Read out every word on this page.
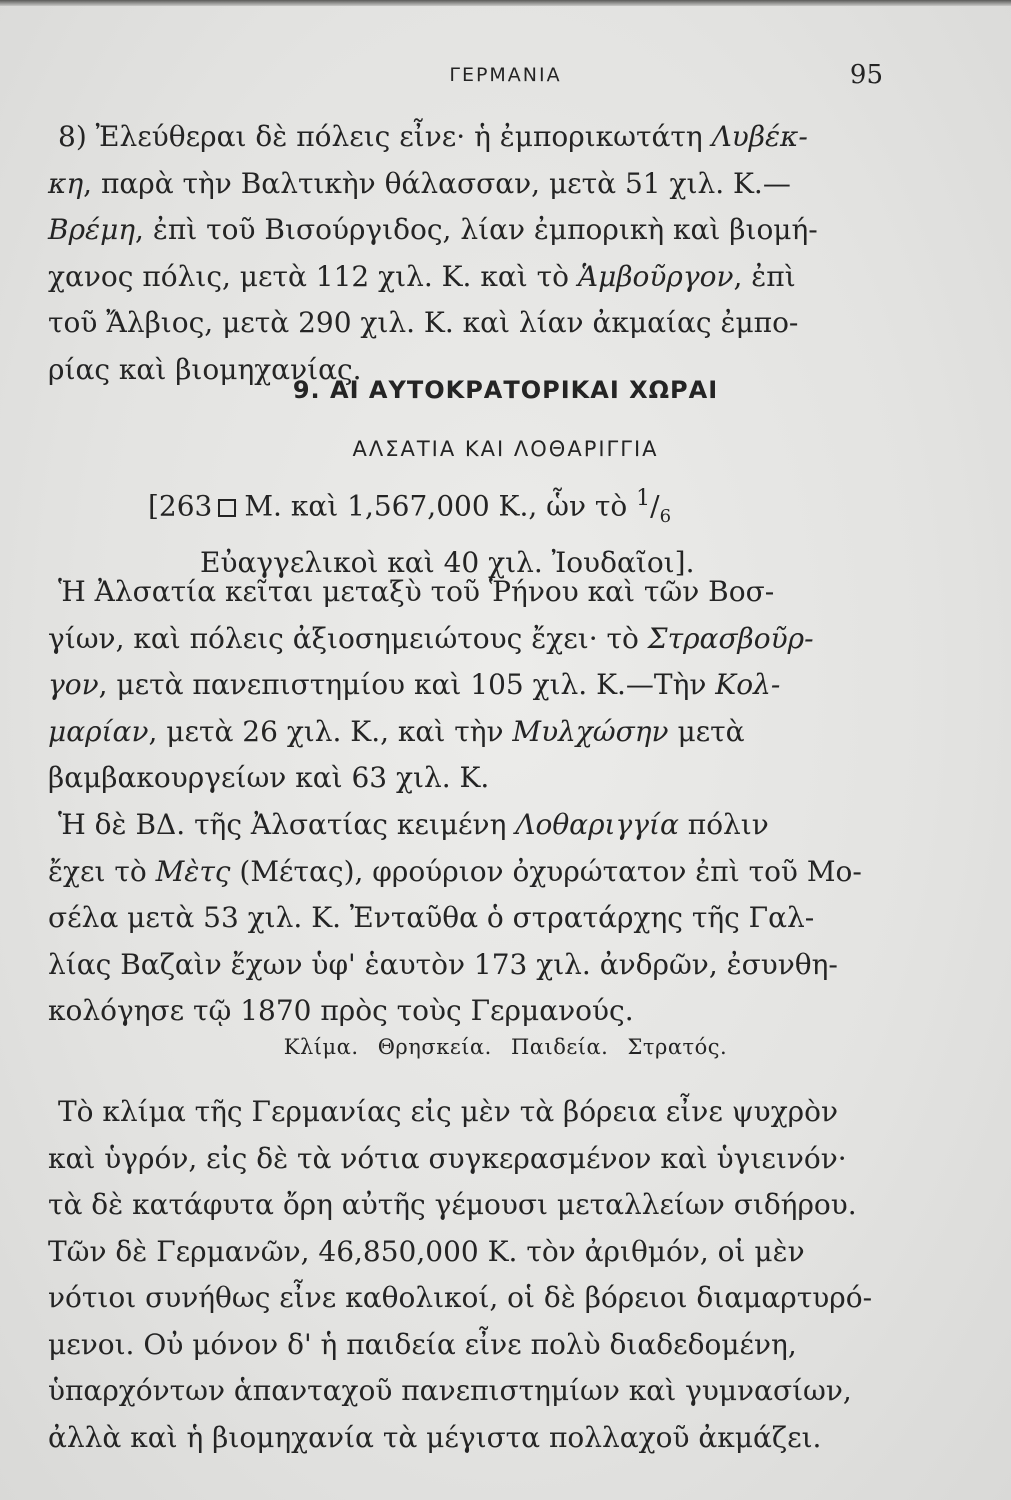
ΓΕΡΜΑΝΙΑ	95

8) Ἐλεύθεραι δὲ πόλεις εἶνε· ἡ ἐμπορικωτάτη Λυβέκ-

κη, παρὰ τὴν Βαλτικὴν θάλασσαν, μετὰ 51 χιλ. Κ.—

Βρέμη, ἐπὶ τοῦ Βισούργιδος, λίαν ἐμπορικὴ καὶ βιομή-

χανος πόλις, μετὰ 112 χιλ. Κ. καὶ τὸ Ἁμβοῦργον, ἐπὶ

τοῦ Ἄλβιος, μετὰ 290 χιλ. Κ. καὶ λίαν ἀκμαίας ἐμπο-

ρίας καὶ βιομηχανίας.

9. ΑΙ ΑΥΤΟΚΡΑΤΟΡΙΚΑΙ ΧΩΡΑΙ
ΑΛΣΑΤΙΑ ΚΑΙ ΛΟΘΑΡΙΓΓΙΑ

[263 Μ. καὶ 1,567,000 Κ., ὧν τὸ $^1/_6$

Εὐαγγελικοὶ καὶ 40 χιλ. Ἰουδαῖοι].

Ἡ Ἀλσατία κεῖται μεταξὺ τοῦ Ῥήνου καὶ τῶν Βοσ-

γίων, καὶ πόλεις ἀξιοσημειώτους ἔχει· τὸ Στρασβοῦρ-

γον, μετὰ πανεπιστημίου καὶ 105 χιλ. Κ.—Τὴν Κολ-

μαρίαν, μετὰ 26 χιλ. Κ., καὶ τὴν Μυλχώσην μετὰ

βαμβακουργείων καὶ 63 χιλ. Κ.

Ἡ δὲ ΒΔ. τῆς Ἀλσατίας κειμένη Λοθαριγγία πόλιν

ἔχει τὸ Μὲτς (Μέτας), φρούριον ὀχυρώτατον ἐπὶ τοῦ Μο-

σέλα μετὰ 53 χιλ. Κ. Ἐνταῦθα ὁ στρατάρχης τῆς Γαλ-

λίας Βαζαὶν ἔχων ὑφ' ἑαυτὸν 173 χιλ. ἀνδρῶν, ἐσυνθη-

κολόγησε τῷ 1870 πρὸς τοὺς Γερμανούς.

Κλίμα. Θρησκεία. Παιδεία. Στρατός.

Τὸ κλίμα τῆς Γερμανίας εἰς μὲν τὰ βόρεια εἶνε ψυχρὸν

καὶ ὑγρόν, εἰς δὲ τὰ νότια συγκερασμένον καὶ ὑγιεινόν·

τὰ δὲ κατάφυτα ὄρη αὐτῆς γέμουσι μεταλλείων σιδήρου.

Τῶν δὲ Γερμανῶν, 46,850,000 Κ. τὸν ἀριθμόν, οἱ μὲν

νότιοι συνήθως εἶνε καθολικοί, οἱ δὲ βόρειοι διαμαρτυρό-

μενοι. Οὐ μόνον δ' ἡ παιδεία εἶνε πολὺ διαδεδομένη,

ὑπαρχόντων ἁπανταχοῦ πανεπιστημίων καὶ γυμνασίων,

ἀλλὰ καὶ ἡ βιομηχανία τὰ μέγιστα πολλαχοῦ ἀκμάζει.
